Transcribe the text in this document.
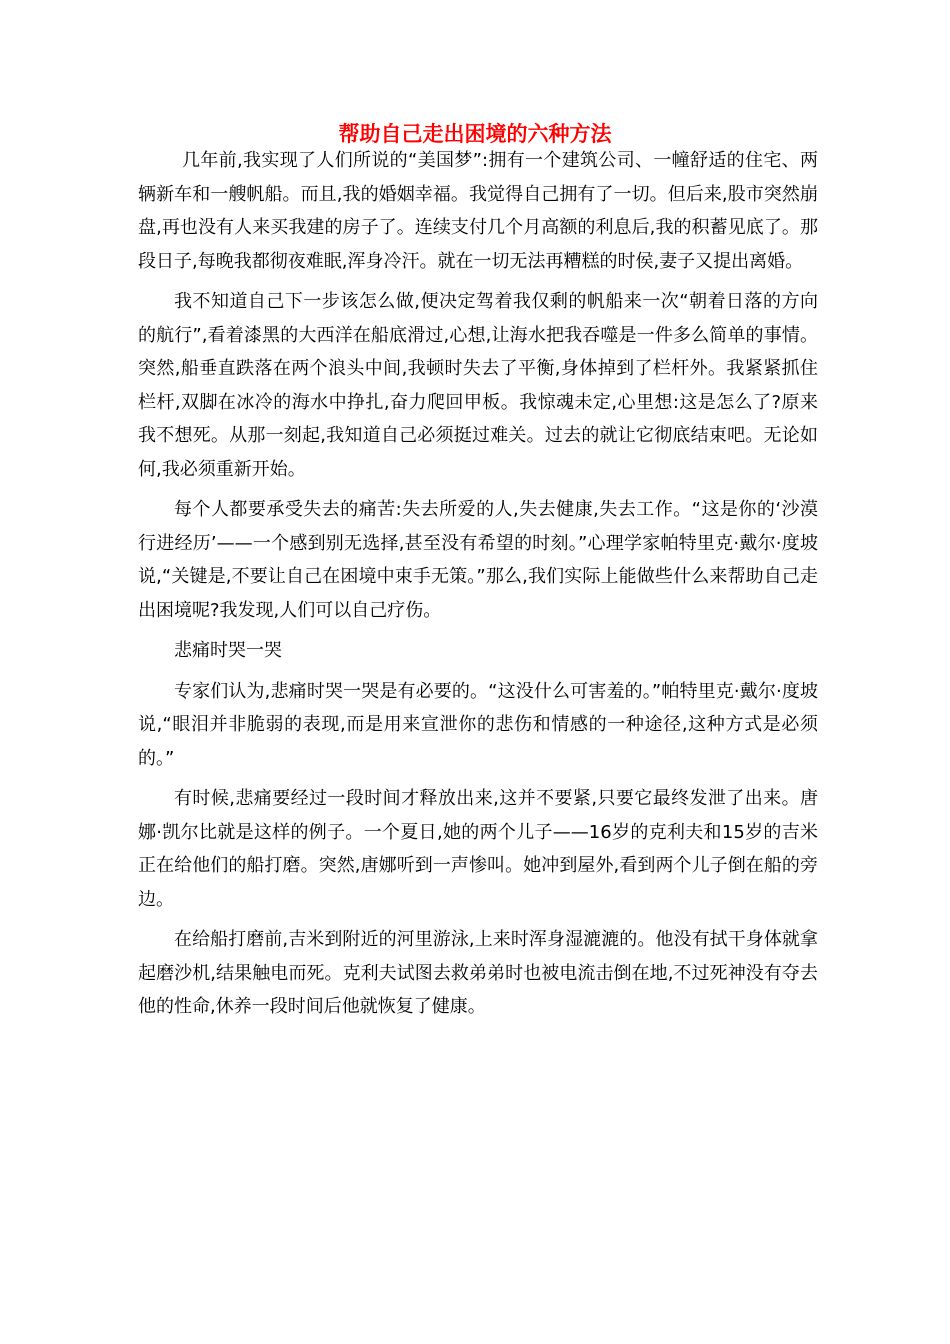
帮助自己走出困境的六种方法

几年前,我实现了人们所说的“美国梦”:拥有一个建筑公司、一幢舒适的住宅、两辆新车和一艘帆船。而且,我的婚姻幸福。我觉得自己拥有了一切。但后来,股市突然崩盘,再也没有人来买我建的房子了。连续支付几个月高额的利息后,我的积蓄见底了。那段日子,每晚我都彻夜难眠,浑身冷汗。就在一切无法再糟糕的时侯,妻子又提出离婚。

我不知道自己下一步该怎么做,便决定驾着我仅剩的帆船来一次“朝着日落的方向的航行”,看着漆黑的大西洋在船底滑过,心想,让海水把我吞噬是一件多么简单的事情。突然,船垂直跌落在两个浪头中间,我顿时失去了平衡,身体掉到了栏杆外。我紧紧抓住栏杆,双脚在冰冷的海水中挣扎,奋力爬回甲板。我惊魂未定,心里想:这是怎么了?原来我不想死。从那一刻起,我知道自己必须挺过难关。过去的就让它彻底结束吧。无论如何,我必须重新开始。

每个人都要承受失去的痛苦:失去所爱的人,失去健康,失去工作。“这是你的‘沙漠行进经历’——一个感到别无选择,甚至没有希望的时刻。”心理学家帕特里克·戴尔·度坡说,“关键是,不要让自己在困境中束手无策。”那么,我们实际上能做些什么来帮助自己走出困境呢?我发现,人们可以自己疗伤。

悲痛时哭一哭

专家们认为,悲痛时哭一哭是有必要的。“这没什么可害羞的。”帕特里克·戴尔·度坡说,“眼泪并非脆弱的表现,而是用来宣泄你的悲伤和情感的一种途径,这种方式是必须的。”

有时候,悲痛要经过一段时间才释放出来,这并不要紧,只要它最终发泄了出来。唐娜·凯尔比就是这样的例子。一个夏日,她的两个儿子——16岁的克利夫和15岁的吉米正在给他们的船打磨。突然,唐娜听到一声惨叫。她冲到屋外,看到两个儿子倒在船的旁边。

在给船打磨前,吉米到附近的河里游泳,上来时浑身湿漉漉的。他没有拭干身体就拿起磨沙机,结果触电而死。克利夫试图去救弟弟时也被电流击倒在地,不过死神没有夺去他的性命,休养一段时间后他就恢复了健康。
